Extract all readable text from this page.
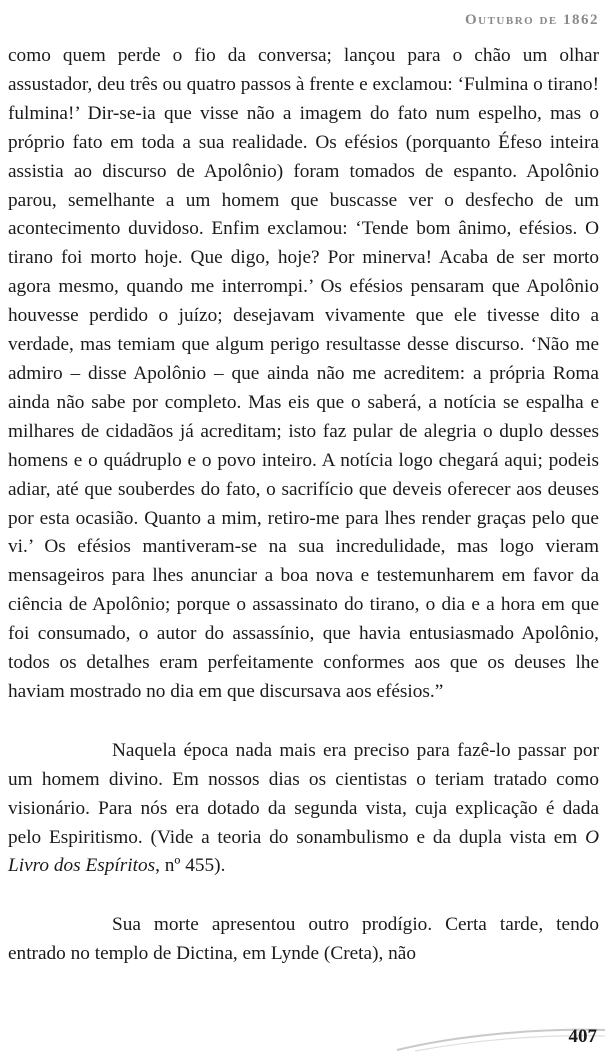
Outubro de 1862

como quem perde o fio da conversa; lançou para o chão um olhar assustador, deu três ou quatro passos à frente e exclamou: ‘Fulmina o tirano! fulmina!’ Dir-se-ia que visse não a imagem do fato num espelho, mas o próprio fato em toda a sua realidade. Os efésios (porquanto Éfeso inteira assistia ao discurso de Apolônio) foram tomados de espanto. Apolônio parou, semelhante a um homem que buscasse ver o desfecho de um acontecimento duvidoso. Enfim exclamou: ‘Tende bom ânimo, efésios. O tirano foi morto hoje. Que digo, hoje? Por minerva! Acaba de ser morto agora mesmo, quando me interrompi.’ Os efésios pensaram que Apolônio houvesse perdido o juízo; desejavam vivamente que ele tivesse dito a verdade, mas temiam que algum perigo resultasse desse discurso. ‘Não me admiro – disse Apolônio – que ainda não me acreditem: a própria Roma ainda não sabe por completo. Mas eis que o saberá, a notícia se espalha e milhares de cidadãos já acreditam; isto faz pular de alegria o duplo desses homens e o quádruplo e o povo inteiro. A notícia logo chegará aqui; podeis adiar, até que souberdes do fato, o sacrifício que deveis oferecer aos deuses por esta ocasião. Quanto a mim, retiro-me para lhes render graças pelo que vi.’ Os efésios mantiveram-se na sua incredulidade, mas logo vieram mensageiros para lhes anunciar a boa nova e testemunharem em favor da ciência de Apolônio; porque o assassinato do tirano, o dia e a hora em que foi consumado, o autor do assassínio, que havia entusiasmado Apolônio, todos os detalhes eram perfeitamente conformes aos que os deuses lhe haviam mostrado no dia em que discursava aos efésios.”

Naquela época nada mais era preciso para fazê-lo passar por um homem divino. Em nossos dias os cientistas o teriam tratado como visionário. Para nós era dotado da segunda vista, cuja explicação é dada pelo Espiritismo. (Vide a teoria do sonambulismo e da dupla vista em O Livro dos Espíritos, nº 455).

Sua morte apresentou outro prodígio. Certa tarde, tendo entrado no templo de Dictina, em Lynde (Creta), não

407
